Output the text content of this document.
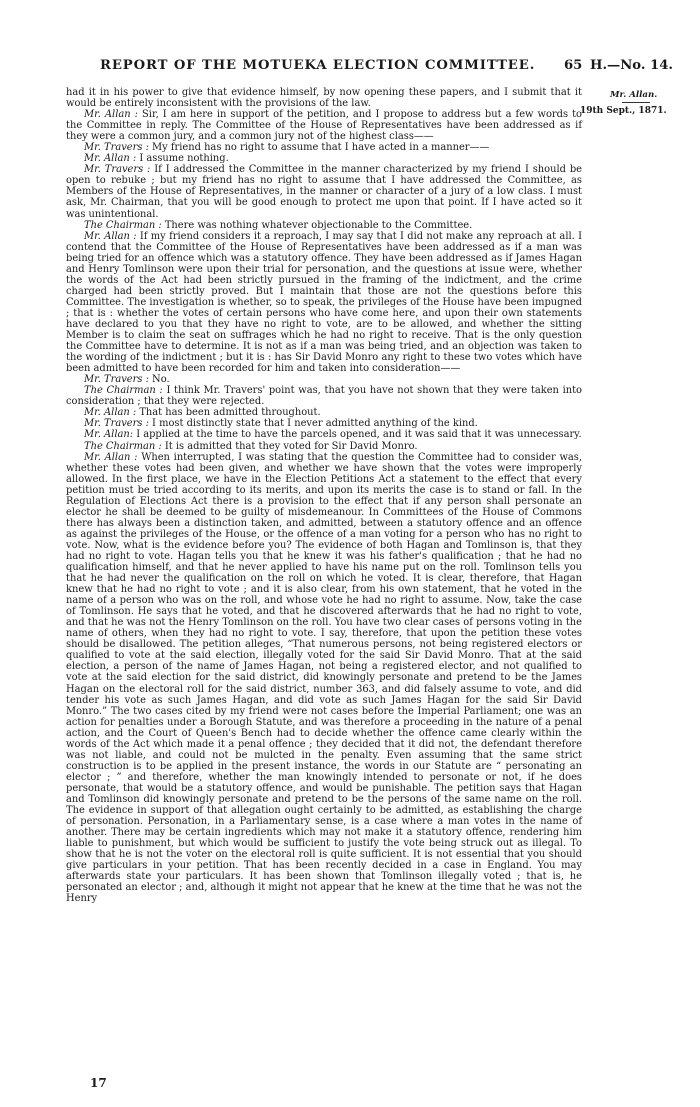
REPORT OF THE MOTUEKA ELECTION COMMITTEE. 65 H.—No. 14.
Mr. Allan.
19th Sept., 1871.

had it in his power to give that evidence himself, by now opening these papers, and I submit that it would be entirely inconsistent with the provisions of the law.

Mr. Allan : Sir, I am here in support of the petition, and I propose to address but a few words to the Committee in reply. The Committee of the House of Representatives have been addressed as if they were a common jury, and a common jury not of the highest class——

Mr. Travers : My friend has no right to assume that I have acted in a manner——

Mr. Allan : I assume nothing.

Mr. Travers : If I addressed the Committee in the manner characterized by my friend I should be open to rebuke ; but my friend has no right to assume that I have addressed the Committee, as Members of the House of Representatives, in the manner or character of a jury of a low class. I must ask, Mr. Chairman, that you will be good enough to protect me upon that point. If I have acted so it was unintentional.

The Chairman : There was nothing whatever objectionable to the Committee.

Mr. Allan : If my friend considers it a reproach, I may say that I did not make any reproach at all. I contend that the Committee of the House of Representatives have been addressed as if a man was being tried for an offence which was a statutory offence. They have been addressed as if James Hagan and Henry Tomlinson were upon their trial for personation, and the questions at issue were, whether the words of the Act had been strictly pursued in the framing of the indictment, and the crime charged had been strictly proved. But I maintain that those are not the questions before this Committee. The investigation is whether, so to speak, the privileges of the House have been impugned ; that is : whether the votes of certain persons who have come here, and upon their own statements have declared to you that they have no right to vote, are to be allowed, and whether the sitting Member is to claim the seat on suffrages which he had no right to receive. That is the only question the Committee have to determine. It is not as if a man was being tried, and an objection was taken to the wording of the indictment ; but it is : has Sir David Monro any right to these two votes which have been admitted to have been recorded for him and taken into consideration——

Mr. Travers : No.

The Chairman : I think Mr. Travers' point was, that you have not shown that they were taken into consideration ; that they were rejected.

Mr. Allan : That has been admitted throughout.

Mr. Travers : I most distinctly state that I never admitted anything of the kind.

Mr. Allan: I applied at the time to have the parcels opened, and it was said that it was unnecessary.

The Chairman : It is admitted that they voted for Sir David Monro.

Mr. Allan : When interrupted, I was stating that the question the Committee had to consider was, whether these votes had been given, and whether we have shown that the votes were improperly allowed. In the first place, we have in the Election Petitions Act a statement to the effect that every petition must be tried according to its merits, and upon its merits the case is to stand or fall. In the Regulation of Elections Act there is a provision to the effect that if any person shall personate an elector he shall be deemed to be guilty of misdemeanour. In Committees of the House of Commons there has always been a distinction taken, and admitted, between a statutory offence and an offence as against the privileges of the House, or the offence of a man voting for a person who has no right to vote. Now, what is the evidence before you? The evidence of both Hagan and Tomlinson is, that they had no right to vote. Hagan tells you that he knew it was his father's qualification ; that he had no qualification himself, and that he never applied to have his name put on the roll. Tomlinson tells you that he had never the qualification on the roll on which he voted. It is clear, therefore, that Hagan knew that he had no right to vote ; and it is also clear, from his own statement, that he voted in the name of a person who was on the roll, and whose vote he had no right to assume. Now, take the case of Tomlinson. He says that he voted, and that he discovered afterwards that he had no right to vote, and that he was not the Henry Tomlinson on the roll. You have two clear cases of persons voting in the name of others, when they had no right to vote. I say, therefore, that upon the petition these votes should be disallowed. The petition alleges, “That numerous persons, not being registered electors or qualified to vote at the said election, illegally voted for the said Sir David Monro. That at the said election, a person of the name of James Hagan, not being a registered elector, and not qualified to vote at the said election for the said district, did knowingly personate and pretend to be the James Hagan on the electoral roll for the said district, number 363, and did falsely assume to vote, and did tender his vote as such James Hagan, and did vote as such James Hagan for the said Sir David Monro.” The two cases cited by my friend were not cases before the Imperial Parliament; one was an action for penalties under a Borough Statute, and was therefore a proceeding in the nature of a penal action, and the Court of Queen's Bench had to decide whether the offence came clearly within the words of the Act which made it a penal offence ; they decided that it did not, the defendant therefore was not liable, and could not be mulcted in the penalty. Even assuming that the same strict construction is to be applied in the present instance, the words in our Statute are “ personating an elector ; ” and therefore, whether the man knowingly intended to personate or not, if he does personate, that would be a statutory offence, and would be punishable. The petition says that Hagan and Tomlinson did knowingly personate and pretend to be the persons of the same name on the roll. The evidence in support of that allegation ought certainly to be admitted, as establishing the charge of personation. Personation, in a Parliamentary sense, is a case where a man votes in the name of another. There may be certain ingredients which may not make it a statutory offence, rendering him liable to punishment, but which would be sufficient to justify the vote being struck out as illegal. To show that he is not the voter on the electoral roll is quite sufficient. It is not essential that you should give particulars in your petition. That has been recently decided in a case in England. You may afterwards state your particulars. It has been shown that Tomlinson illegally voted ; that is, he personated an elector ; and, although it might not appear that he knew at the time that he was not the Henry

17
